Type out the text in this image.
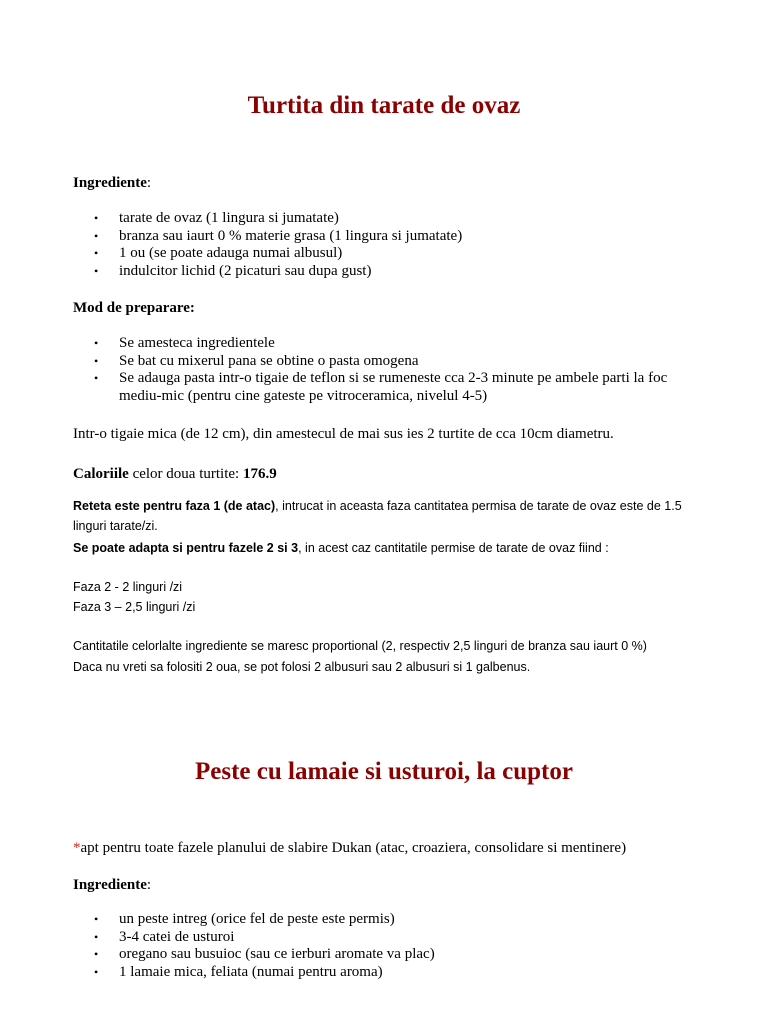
Turtita din tarate de ovaz

Ingrediente:

• tarate de ovaz (1 lingura si jumatate)
• branza sau iaurt 0 % materie grasa (1 lingura si jumatate)
• 1 ou (se poate adauga numai albusul)
• indulcitor lichid (2 picaturi sau dupa gust)

Mod de preparare:

• Se amesteca ingredientele
• Se bat cu mixerul pana se obtine o pasta omogena
• Se adauga pasta intr-o tigaie de teflon si se rumeneste cca 2-3 minute pe ambele parti la foc mediu-mic (pentru cine gateste pe vitroceramica, nivelul 4-5)

Intr-o tigaie mica (de 12 cm), din amestecul de mai sus ies 2 turtite de cca 10cm diametru.

Caloriile celor doua turtite: 176.9

Reteta este pentru faza 1 (de atac), intrucat in aceasta faza cantitatea permisa de tarate de ovaz este de 1.5 linguri tarate/zi.

Se poate adapta si pentru fazele 2 si 3, in acest caz cantitatile permise de tarate de ovaz fiind :

Faza 2 - 2 linguri /zi

Faza 3 – 2,5 linguri /zi

Cantitatile celorlalte ingrediente se maresc proportional (2, respectiv 2,5 linguri de branza sau iaurt 0 %)

Daca nu vreti sa folositi 2 oua, se pot folosi 2 albusuri sau 2 albusuri si 1 galbenus.

Peste cu lamaie si usturoi, la cuptor

*apt pentru toate fazele planului de slabire Dukan (atac, croaziera, consolidare si mentinere)

Ingrediente:

• un peste intreg (orice fel de peste este permis)
• 3-4 catei de usturoi
• oregano sau busuioc (sau ce ierburi aromate va plac)
• 1 lamaie mica, feliata (numai pentru aroma)
